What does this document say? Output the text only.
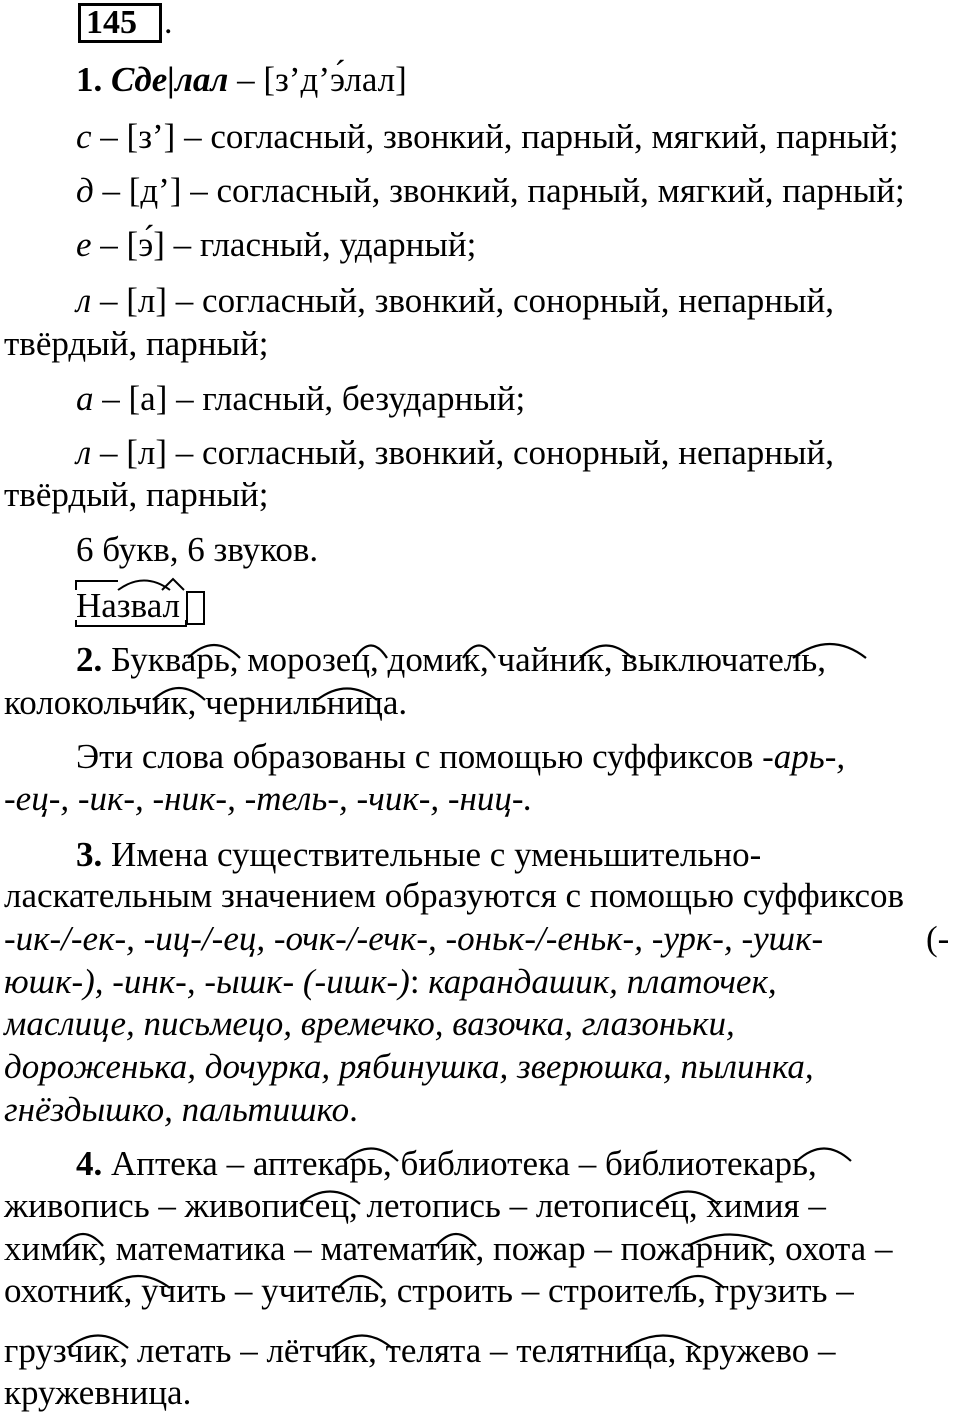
145 .
1. Сде|лал – [з’д’э́лал]
с – [з’] – согласный, звонкий, парный, мягкий, парный;
д – [д’] – согласный, звонкий, парный, мягкий, парный;
е – [э́] – гласный, ударный;
л – [л] – согласный, звонкий, сонорный, непарный,
твёрдый, парный;
а – [а] – гласный, безударный;
л – [л] – согласный, звонкий, сонорный, непарный,
твёрдый, парный;
6 букв, 6 звуков.
Назвал
2. Букварь, морозец, домик, чайник, выключатель,
колокольчик, чернильница.
Эти слова образованы с помощью суффиксов -арь-,
-ец-, -ик-, -ник-, -тель-, -чик-, -ниц-.
3. Имена существительные с уменьшительно-
ласкательным значением образуются с помощью суффиксов
-ик-/-ек-, -иц-/-ец, -очк-/-ечк-, -оньк-/-еньк-, -урк-, -ушк-	(-
юшк-), -инк-, -ышк- (-ишк-): карандашик, платочек,
маслице, письмецо, времечко, вазочка, глазоньки,
дороженька, дочурка, рябинушка, зверюшка, пылинка,
гнёздышко, пальтишко.
4. Аптека – аптекарь, библиотека – библиотекарь,
живопись – живописец, летопись – летописец, химия –
химик, математика – математик, пожар – пожарник, охота –
охотник, учить – учитель, строить – строитель, грузить –
грузчик, летать – лётчик, телята – телятница, кружево –
кружевница.
